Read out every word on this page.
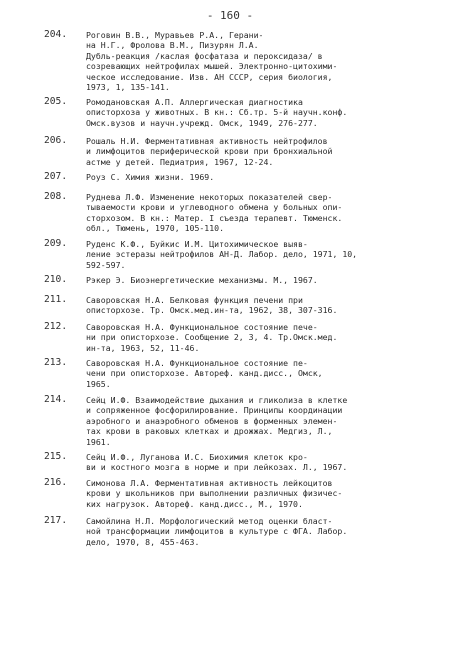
- 160 -
204.	Роговин В.В., Муравьев Р.А., Герани-
на Н.Г., Фролова В.М., Пизурян Л.А.
Дубль-реакция /каслая фосфатаза и пероксидаза/ в
созревающих нейтрофилах мышей. Электронно-цитохими-
ческое исследование. Изв. АН СССР, серия биология,
1973, 1, 135-141.
205.	Ромодановская А.П. Аллергическая диагностика
описторхоза у животных. В кн.: Сб.тр. 5-й научн.конф.
Омск.вузов и научн.учрежд. Омск, 1949, 276-277.
206.	Рошаль Н.И. Ферментативная активность нейтрофилов
и лимфоцитов периферической крови при бронхиальной
астме у детей. Педиатрия, 1967, 12-24.
207.	Роуз С. Химия жизни. 1969.
208.	Руднева Л.Ф. Изменение некоторых показателей свер-
тываемости крови и углеводного обмена у больных опи-
сторхозом. В кн.: Матер. I съезда терапевт. Тюменск.
обл., Тюмень, 1970, 105-110.
209.	Руденс К.Ф., Буйкис И.М. Цитохимическое выяв-
ление эстеразы нейтрофилов АН-Д. Лабор. дело, 1971, 10,
592-597.
210.	Рэкер Э. Биоэнергетические механизмы. М., 1967.
211.	Саворовская Н.А. Белковая функция печени при
описторхозе. Тр. Омск.мед.ин-та, 1962, 38, 307-316.
212.	Саворовская Н.А. Функциональное состояние пече-
ни при описторхозе. Сообщение 2, 3, 4. Тр.Омск.мед.
ин-та, 1963, 52, 11-46.
213.	Саворовская Н.А. Функциональное состояние пе-
чени при описторхозе. Автореф. канд.дисс., Омск,
1965.
214.	Сейц И.Ф. Взаимодействие дыхания и гликолиза в клетке
и сопряженное фосфорилирование. Принципы координации
аэробного и анаэробного обменов в форменных элемен-
тах крови в раковых клетках и дрожжах. Медгиз, Л.,
1961.
215.	Сейц И.Ф., Луганова И.С. Биохимия клеток кро-
ви и костного мозга в норме и при лейкозах. Л., 1967.
216.	Симонова Л.А. Ферментативная активность лейкоцитов
крови у школьников при выполнении различных физичес-
ких нагрузок. Автореф. канд.дисс., М., 1970.
217.	Самойлина Н.Л. Морфологический метод оценки бласт-
ной трансформации лимфоцитов в культуре с ФГА. Лабор.
дело, 1970, 8, 455-463.
